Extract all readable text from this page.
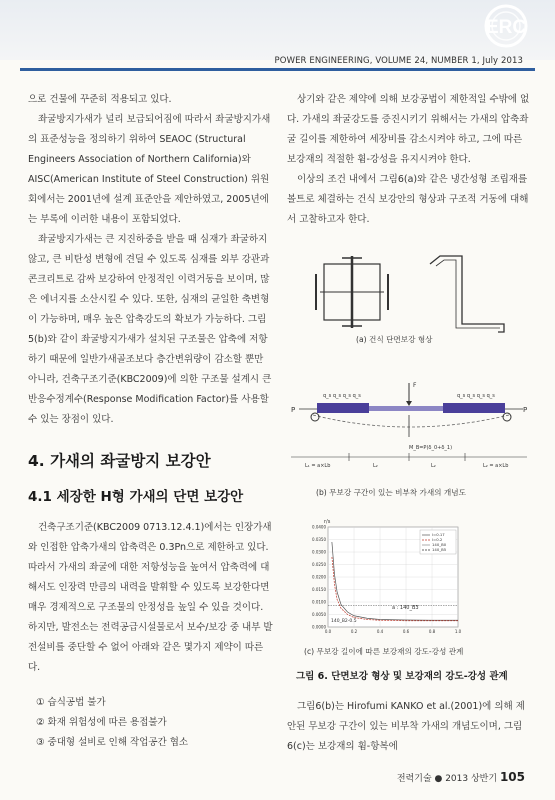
ERC
POWER ENGINEERING, VOLUME 24, NUMBER 1, July 2013

으로 건물에 꾸준히 적용되고 있다.

좌굴방지가새가 널리 보급되어짐에 따라서 좌굴방지가새의 표준성능을 정의하기 위하여 SEAOC (Structural Engineers Association of Northern California)와 AISC(American Institute of Steel Construction) 위원회에서는 2001년에 설계 표준안을 제안하였고, 2005년에는 부록에 이러한 내용이 포함되었다.

좌굴방지가새는 큰 지진하중을 받을 때 심재가 좌굴하지 않고, 큰 비탄성 변형에 견딜 수 있도록 심재를 외부 강관과 콘크리트로 감싸 보강하여 안정적인 이력거동을 보이며, 많은 에너지를 소산시킬 수 있다. 또한, 심재의 균일한 축변형이 가능하며, 매우 높은 압축강도의 확보가 가능하다. 그림5(b)와 같이 좌굴방지가새가 설치된 구조물은 압축에 저항하기 때문에 일반가새골조보다 층간변위량이 감소할 뿐만 아니라, 건축구조기준(KBC2009)에 의한 구조물 설계시 큰 반응수정계수(Response Modification Factor)를 사용할 수 있는 장점이 있다.

4. 가새의 좌굴방지 보강안
4.1 세장한 H형 가새의 단면 보강안
건축구조기준(KBC2009 0713.12.4.1)에서는 인장가새와 인접한 압축가새의 압축력은 0.3Pn으로 제한하고 있다. 따라서 가새의 좌굴에 대한 저항성능을 높여서 압축력에 대해서도 인장력 만큼의 내력을 발휘할 수 있도록 보강한다면 매우 경제적으로 구조물의 안정성을 높일 수 있을 것이다. 하지만, 발전소는 전력공급시설물로서 보수/보강 중 내부 발전설비를 중단할 수 없어 아래와 같은 몇가지 제약이 따른다.
① 습식공법 불가
② 화재 위험성에 따른 용접불가
③ 중대형 설비로 인해 작업공간 협소

상기와 같은 제약에 의해 보강공법이 제한적일 수밖에 없다. 가새의 좌굴강도를 증진시키기 위해서는 가새의 압축좌굴 길이를 제한하여 세장비를 감소시켜야 하고, 그에 따른 보강재의 적절한 휨-강성을 유지시켜야 한다.

이상의 조건 내에서 그림6(a)와 같은 냉간성형 조립재를 볼트로 체결하는 건식 보강안의 형상과 구조적 거동에 대해서 고찰하고자 한다.

(a) 건식 단면보강 형상
P	P
q_s q_s q_s q_s	q_s q_s q_s q_s
F
M_B=P(δ_0+δ_1)
L₁ = a×Lb	L₂	L₂	L₂ = a×Lb
(b) 무보강 구간이 있는 비부착 가새의 개념도
r/s
0.0000
0.0050
0.0100
0.0150
0.0200
0.0250
0.0300
0.0350
0.0400
0.0	0.2	0.4	0.6	0.8	1.0
l=0.17
l=0.2
140_B0
140_B5
a : 140_B3
140_B2-0.5
(c) 무보강 길이에 따른 보강재의 강도-강성 관계
그림 6. 단면보강 형상 및 보강재의 강도-강성 관계
그림6(b)는 Hirofumi KANKO et al.(2001)에 의해 제안된 무보강 구간이 있는 비부착 가새의 개념도이며, 그림6(c)는 보강재의 휨-항복에
전력기술 ● 2013 상반기 105
